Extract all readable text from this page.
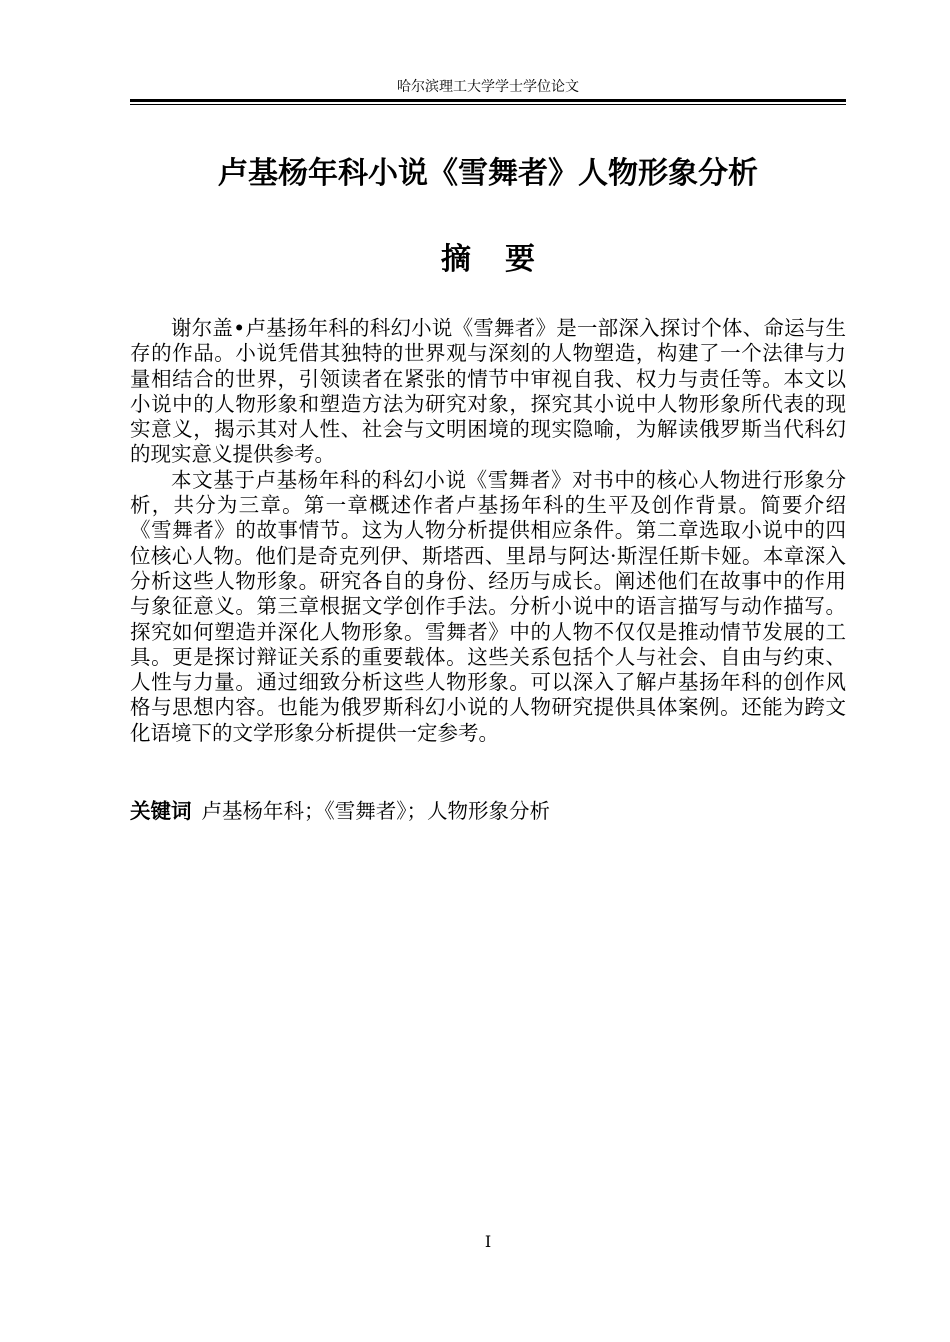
哈尔滨理工大学学士学位论文
卢基杨年科小说《雪舞者》人物形象分析
摘要

谢尔盖•卢基扬年科的科幻小说《雪舞者》是一部深入探讨个体、命运与生存的作品。小说凭借其独特的世界观与深刻的人物塑造，构建了一个法律与力量相结合的世界，引领读者在紧张的情节中审视自我、权力与责任等。本文以小说中的人物形象和塑造方法为研究对象，探究其小说中人物形象所代表的现实意义，揭示其对人性、社会与文明困境的现实隐喻，为解读俄罗斯当代科幻的现实意义提供参考。

本文基于卢基杨年科的科幻小说《雪舞者》对书中的核心人物进行形象分析，共分为三章。第一章概述作者卢基扬年科的生平及创作背景。简要介绍《雪舞者》的故事情节。这为人物分析提供相应条件。第二章选取小说中的四位核心人物。他们是奇克列伊、斯塔西、里昂与阿达·斯涅任斯卡娅。本章深入分析这些人物形象。研究各自的身份、经历与成长。阐述他们在故事中的作用与象征意义。第三章根据文学创作手法。分析小说中的语言描写与动作描写。探究如何塑造并深化人物形象。雪舞者》中的人物不仅仅是推动情节发展的工具。更是探讨辩证关系的重要载体。这些关系包括个人与社会、自由与约束、人性与力量。通过细致分析这些人物形象。可以深入了解卢基扬年科的创作风格与思想内容。也能为俄罗斯科幻小说的人物研究提供具体案例。还能为跨文化语境下的文学形象分析提供一定参考。

关键词 卢基杨年科；《雪舞者》；人物形象分析
I
